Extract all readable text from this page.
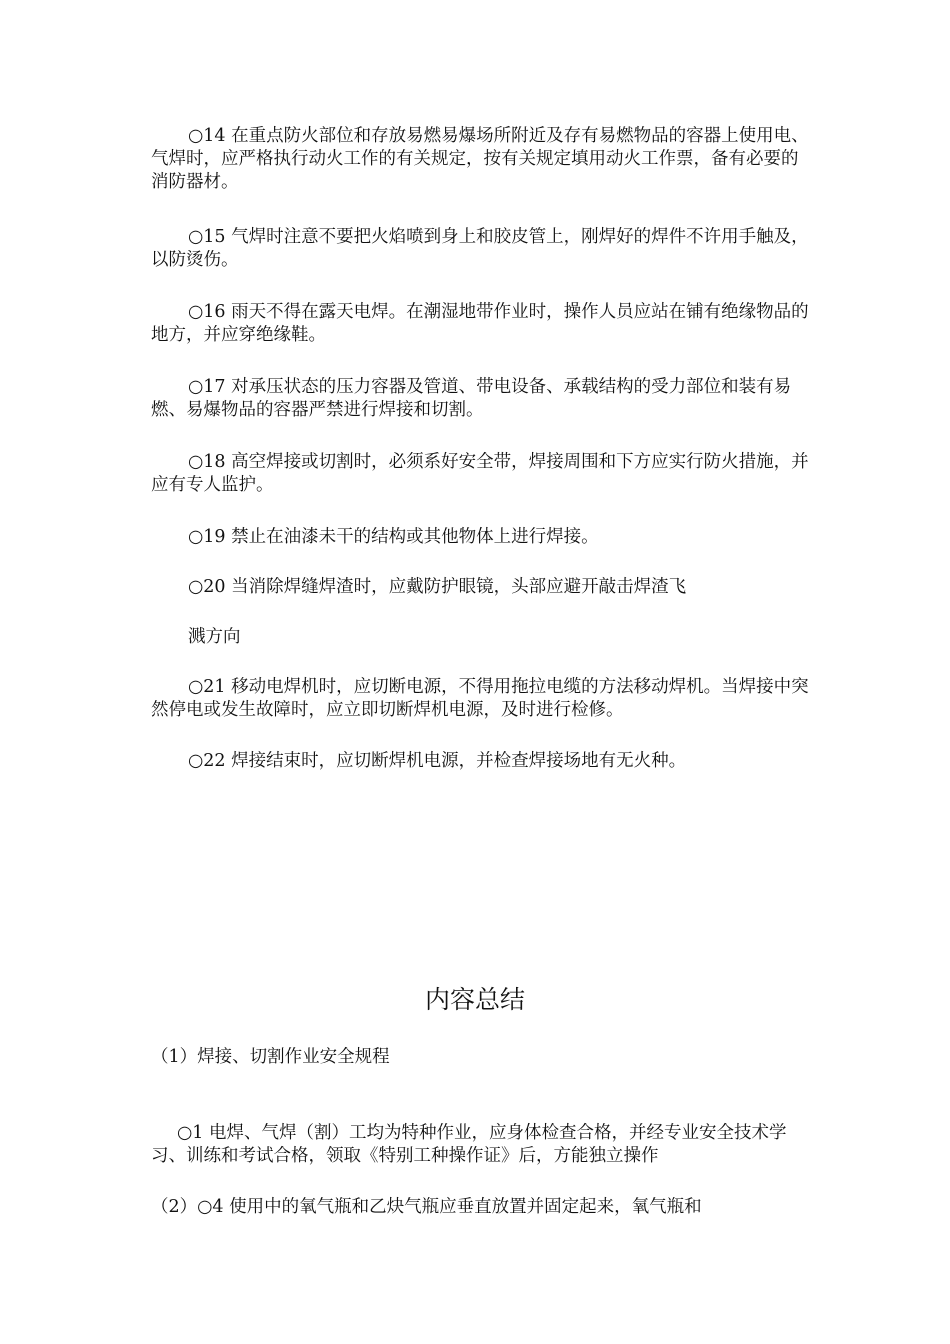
○14 在重点防火部位和存放易燃易爆场所附近及存有易燃物品的容器上使用电、气焊时，应严格执行动火工作的有关规定，按有关规定填用动火工作票，备有必要的消防器材。

○15 气焊时注意不要把火焰喷到身上和胶皮管上，刚焊好的焊件不许用手触及，以防烫伤。

○16 雨天不得在露天电焊。在潮湿地带作业时，操作人员应站在铺有绝缘物品的地方，并应穿绝缘鞋。

○17 对承压状态的压力容器及管道、带电设备、承载结构的受力部位和装有易燃、易爆物品的容器严禁进行焊接和切割。

○18 高空焊接或切割时，必须系好安全带，焊接周围和下方应实行防火措施，并应有专人监护。

○19 禁止在油漆未干的结构或其他物体上进行焊接。

○20 当消除焊缝焊渣时，应戴防护眼镜，头部应避开敲击焊渣飞

溅方向

○21 移动电焊机时，应切断电源，不得用拖拉电缆的方法移动焊机。当焊接中突然停电或发生故障时，应立即切断焊机电源，及时进行检修。

○22 焊接结束时，应切断焊机电源，并检查焊接场地有无火种。

内容总结

（1）焊接、切割作业安全规程

○1 电焊、气焊（割）工均为特种作业，应身体检查合格，并经专业安全技术学习、训练和考试合格，领取《特别工种操作证》后，方能独立操作

（2）○4 使用中的氧气瓶和乙炔气瓶应垂直放置并固定起来，氧气瓶和
